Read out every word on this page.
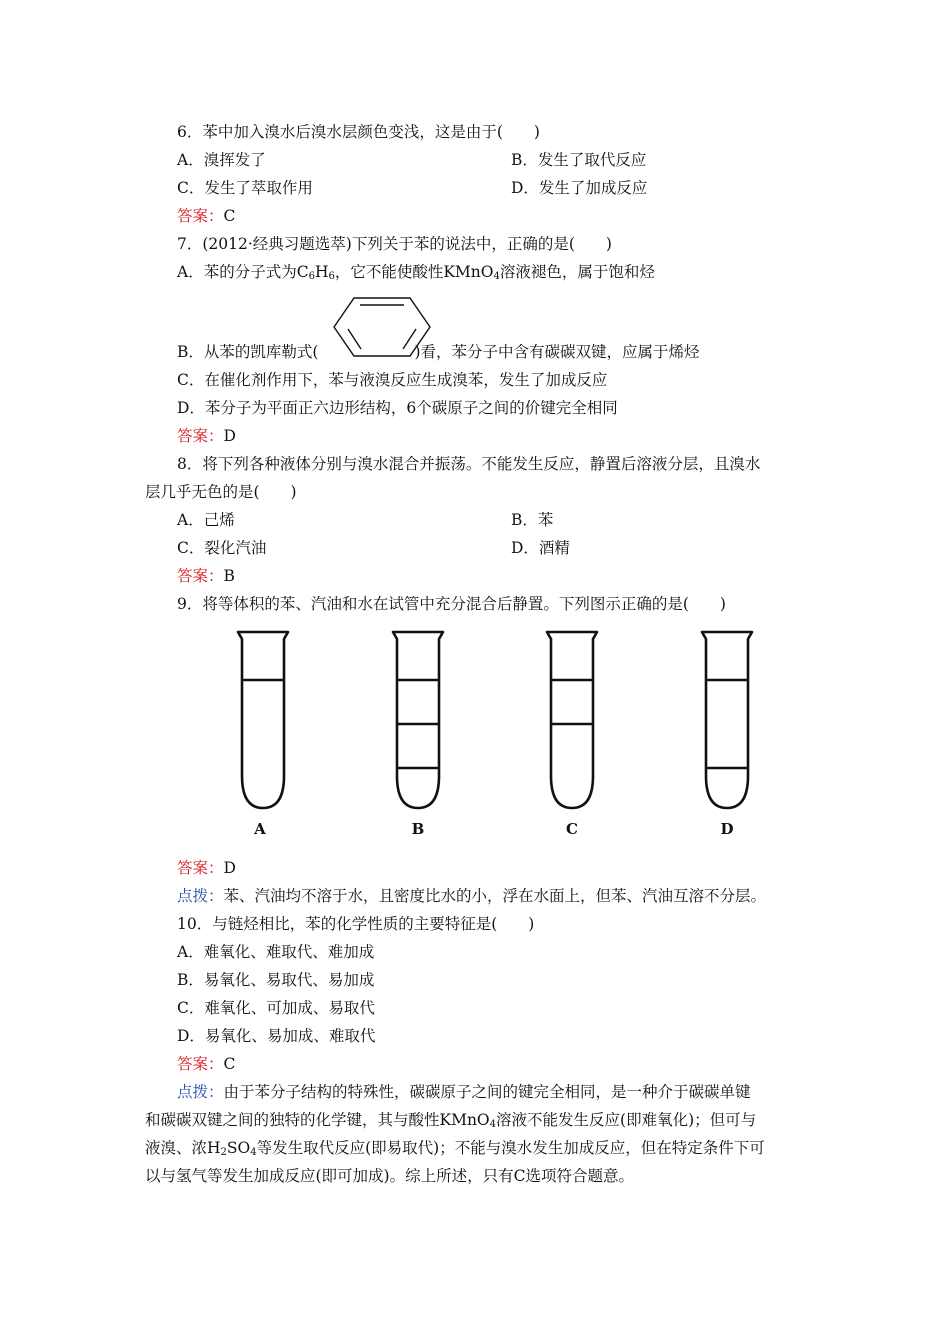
6．苯中加入溴水后溴水层颜色变浅，这是由于(　　)
A．溴挥发了	B．发生了取代反应
C．发生了萃取作用	D．发生了加成反应
答案：C
7．(2012·经典习题选萃)下列关于苯的说法中，正确的是(　　)
A．苯的分子式为$C_6H_6$，它不能使酸性KMnO$_4$溶液褪色，属于饱和烃
B．从苯的凯库勒式(	)看，苯分子中含有碳碳双键，应属于烯烃
C．在催化剂作用下，苯与液溴反应生成溴苯，发生了加成反应
D．苯分子为平面正六边形结构，6个碳原子之间的价键完全相同
答案：D
8．将下列各种液体分别与溴水混合并振荡。不能发生反应，静置后溶液分层，且溴水
层几乎无色的是(　　)
A．己烯	B．苯
C．裂化汽油	D．酒精
答案：B
9．将等体积的苯、汽油和水在试管中充分混合后静置。下列图示正确的是(　　)
A	B	C	D
答案：D
点拨：苯、汽油均不溶于水，且密度比水的小，浮在水面上，但苯、汽油互溶不分层。
10．与链烃相比，苯的化学性质的主要特征是(　　)
A．难氧化、难取代、难加成
B．易氧化、易取代、易加成
C．难氧化、可加成、易取代
D．易氧化、易加成、难取代
答案：C
点拨：由于苯分子结构的特殊性，碳碳原子之间的键完全相同，是一种介于碳碳单键
和碳碳双键之间的独特的化学键，其与酸性KMnO$_4$溶液不能发生反应(即难氧化)；但可与
液溴、浓$H_2SO_4$等发生取代反应(即易取代)；不能与溴水发生加成反应，但在特定条件下可
以与氢气等发生加成反应(即可加成)。综上所述，只有C选项符合题意。
